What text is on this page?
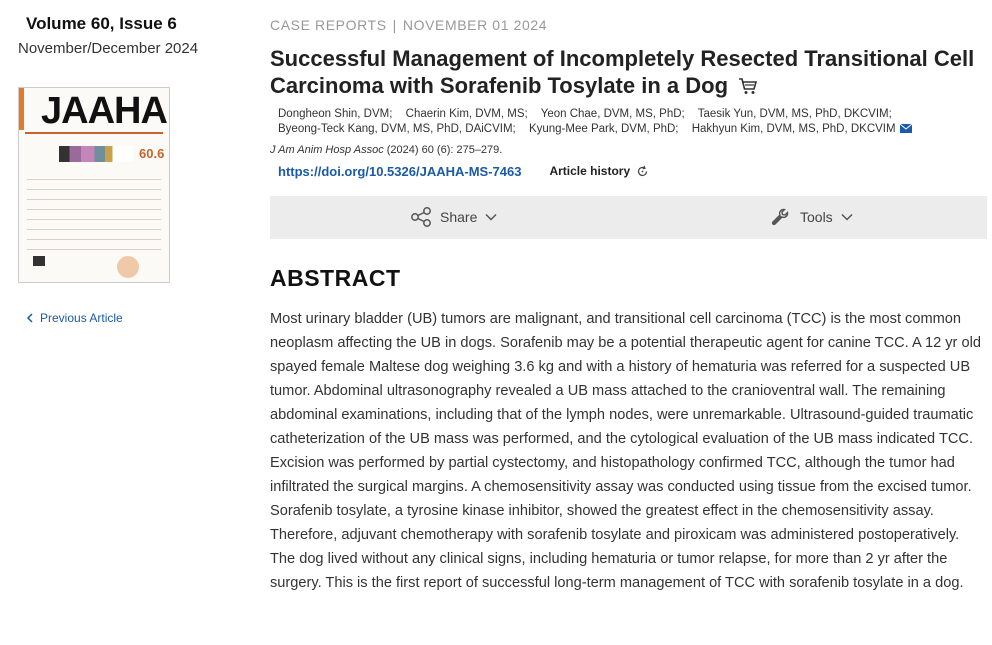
Volume 60, Issue 6
November/December 2024
JAAHA
60.6
Previous Article
CASE REPORTS | NOVEMBER 01 2024
Successful Management of Incompletely Resected Transitional Cell Carcinoma with Sorafenib Tosylate in a Dog
Dongheon Shin, DVM; Chaerin Kim, DVM, MS; Yeon Chae, DVM, MS, PhD; Taesik Yun, DVM, MS, PhD, DKCVIM;
Byeong-Teck Kang, DVM, MS, PhD, DAiCVIM; Kyung-Mee Park, DVM, PhD; Hakhyun Kim, DVM, MS, PhD, DKCVIM
J Am Anim Hosp Assoc (2024) 60 (6): 275–279.
https://doi.org/10.5326/JAAHA-MS-7463 Article history
Share	Tools
ABSTRACT
Most urinary bladder (UB) tumors are malignant, and transitional cell carcinoma (TCC) is the most common neoplasm affecting the UB in dogs. Sorafenib may be a potential therapeutic agent for canine TCC. A 12 yr old spayed female Maltese dog weighing 3.6 kg and with a history of hematuria was referred for a suspected UB tumor. Abdominal ultrasonography revealed a UB mass attached to the cranioventral wall. The remaining abdominal examinations, including that of the lymph nodes, were unremarkable. Ultrasound-guided traumatic catheterization of the UB mass was performed, and the cytological evaluation of the UB mass indicated TCC. Excision was performed by partial cystectomy, and histopathology confirmed TCC, although the tumor had infiltrated the surgical margins. A chemosensitivity assay was conducted using tissue from the excised tumor. Sorafenib tosylate, a tyrosine kinase inhibitor, showed the greatest effect in the chemosensitivity assay. Therefore, adjuvant chemotherapy with sorafenib tosylate and piroxicam was administered postoperatively. The dog lived without any clinical signs, including hematuria or tumor relapse, for more than 2 yr after the surgery. This is the first report of successful long-term management of TCC with sorafenib tosylate in a dog.
